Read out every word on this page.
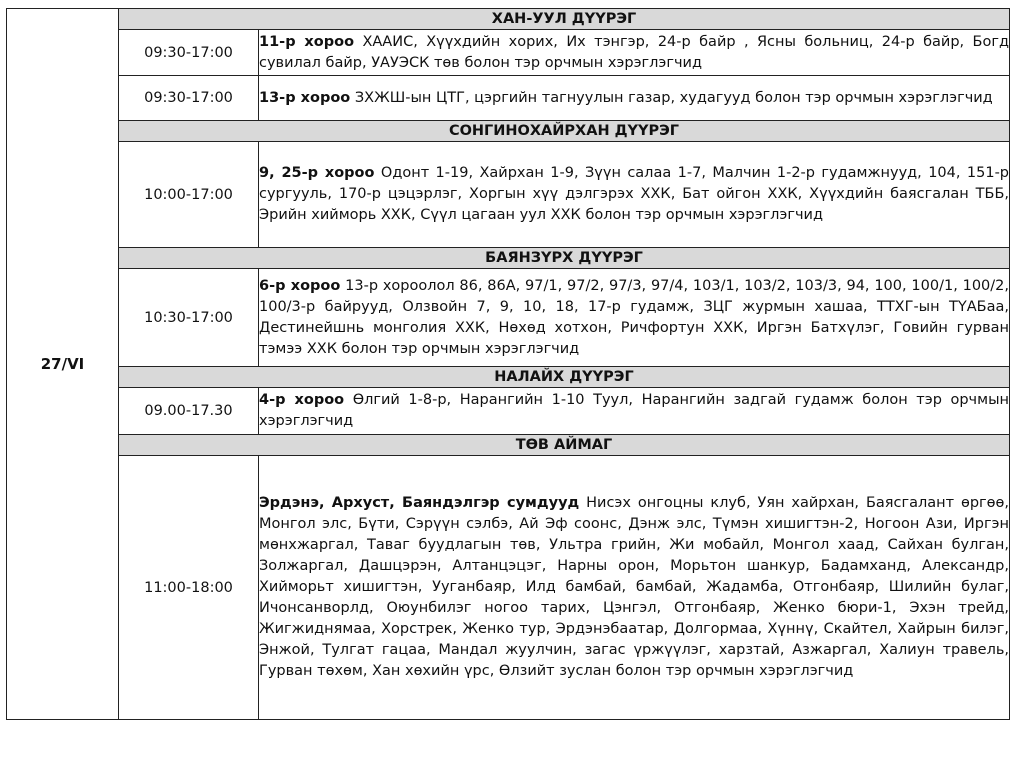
27/VI	ХАН-УУЛ ДҮҮРЭГ	
	09:30-17:00	11-р хороо ХААИС, Хүүхдийн хорих, Их тэнгэр, 24-р байр , Ясны больниц, 24-р байр, Богд сувилал байр, УАУЭСК төв болон тэр орчмын хэрэглэгчид
	09:30-17:00	13-р хороо ЗХЖШ-ын ЦТГ, цэргийн тагнуулын газар, худагууд болон тэр орчмын хэрэглэгчид
	СОНГИНОХАЙРХАН ДҮҮРЭГ	
	10:00-17:00	9, 25-р хороо Одонт 1-19, Хайрхан 1-9, Зүүн салаа 1-7, Малчин 1-2-р гудамжнууд, 104, 151-р сургууль, 170-р цэцэрлэг, Хоргын хүү дэлгэрэх ХХК, Бат ойгон ХХК, Хүүхдийн баясгалан ТББ, Эрийн хийморь ХХК, Сүүл цагаан уул ХХК болон тэр орчмын хэрэглэгчид
	БАЯНЗҮРХ ДҮҮРЭГ	
	10:30-17:00	6-р хороо 13-р хороолол 86, 86А, 97/1, 97/2, 97/3, 97/4, 103/1, 103/2, 103/3, 94, 100, 100/1, 100/2, 100/3-р байрууд, Олзвойн 7, 9, 10, 18, 17-р гудамж, ЗЦГ журмын хашаа, ТТХГ-ын ТҮАБаа, Дестинейшнь монголия ХХК, Нөхөд хотхон, Ричфортун ХХК, Иргэн Батхүлэг, Говийн гурван тэмээ ХХК болон тэр орчмын хэрэглэгчид
	НАЛАЙХ ДҮҮРЭГ	
	09.00-17.30	4-р хороо Өлгий 1-8-р, Нарангийн 1-10 Туул, Нарангийн задгай гудамж болон тэр орчмын хэрэглэгчид
	ТӨВ АЙМАГ	
	11:00-18:00	Эрдэнэ, Архуст, Баяндэлгэр сумдууд Нисэх онгоцны клуб, Уян хайрхан, Баясгалант өргөө, Монгол элс, Бүти, Сэрүүн сэлбэ, Ай Эф соонс, Дэнж элс, Түмэн хишигтэн-2, Ногоон Ази, Иргэн мөнхжаргал, Таваг буудлагын төв, Ультра грийн, Жи мобайл, Монгол хаад, Сайхан булган, Золжаргал, Дашцэрэн, Алтанцэцэг, Нарны орон, Морьтон шанкур, Бадамханд, Александр, Хийморьт хишигтэн, Ууганбаяр, Илд бамбай, бамбай, Жадамба, Отгонбаяр, Шилийн булаг, Ичонсанворлд, Оюунбилэг ногоо тарих, Цэнгэл, Отгонбаяр, Женко бюри-1, Эхэн трейд, Жигжиднямаа, Хорстрек, Женко тур, Эрдэнэбаатар, Долгормаа, Хүннү, Скайтел, Хайрын билэг, Энжой, Тулгат гацаа, Мандал жуулчин, загас үржүүлэг, харзтай, Азжаргал, Халиун травель, Гурван төхөм, Хан хөхийн үрс, Өлзийт зуслан болон тэр орчмын хэрэглэгчид
